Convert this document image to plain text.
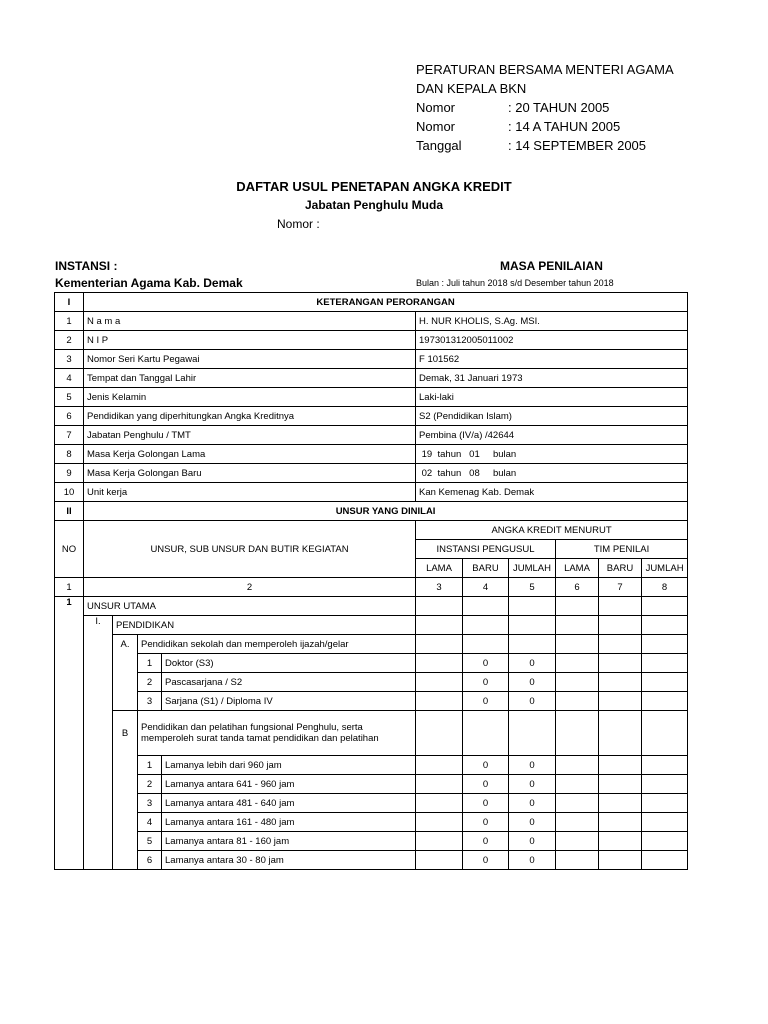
PERATURAN BERSAMA MENTERI AGAMA
DAN KEPALA BKN
Nomor	: 20 TAHUN 2005
Nomor	: 14 A TAHUN 2005
Tanggal	: 14 SEPTEMBER 2005
DAFTAR USUL PENETAPAN ANGKA KREDIT
Jabatan Penghulu Muda
Nomor :
INSTANSI :
Kementerian Agama Kab. Demak
MASA PENILAIAN
Bulan : Juli tahun 2018 s/d Desember tahun 2018
I	KETERANGAN PERORANGAN									
1	N a m a				H. NUR KHOLIS, S.Ag. MSI.					
2	N I P				197301312005011002					
3	Nomor Seri Kartu Pegawai				F 101562					
4	Tempat dan Tanggal Lahir				Demak, 31 Januari 1973					
5	Jenis Kelamin				Laki-laki					
6	Pendidikan yang diperhitungkan Angka Kreditnya				S2 (Pendidikan Islam)					
7	Jabatan Penghulu / TMT				Pembina (IV/a) /42644					
8	Masa Kerja Golongan Lama				19  tahun   01     bulan					
9	Masa Kerja Golongan Baru				02  tahun   08     bulan					
10	Unit kerja				Kan Kemenag Kab. Demak					
II	UNSUR YANG DINILAI									
NO	UNSUR, SUB UNSUR DAN BUTIR KEGIATAN				ANGKA KREDIT MENURUT					
					INSTANSI PENGUSUL			TIM PENILAI		
					LAMA	BARU	JUMLAH	LAMA	BARU	JUMLAH
1	2				3	4	5	6	7	8
1	UNSUR UTAMA									
	I.	PENDIDIKAN								
		A.	Pendidikan sekolah dan memperoleh ijazah/gelar							
			1	Doktor (S3)		0	0			
			2	Pascasarjana / S2		0	0			
			3	Sarjana (S1) / Diploma IV		0	0			
		B	Pendidikan dan pelatihan fungsional Penghulu, serta
memperoleh surat tanda tamat pendidikan dan pelatihan							
			1	Lamanya lebih dari 960 jam		0	0			
			2	Lamanya antara 641 - 960 jam		0	0			
			3	Lamanya antara 481 - 640 jam		0	0			
			4	Lamanya antara 161 - 480 jam		0	0			
			5	Lamanya antara 81 - 160 jam		0	0			
			6	Lamanya antara 30 - 80 jam		0	0			
